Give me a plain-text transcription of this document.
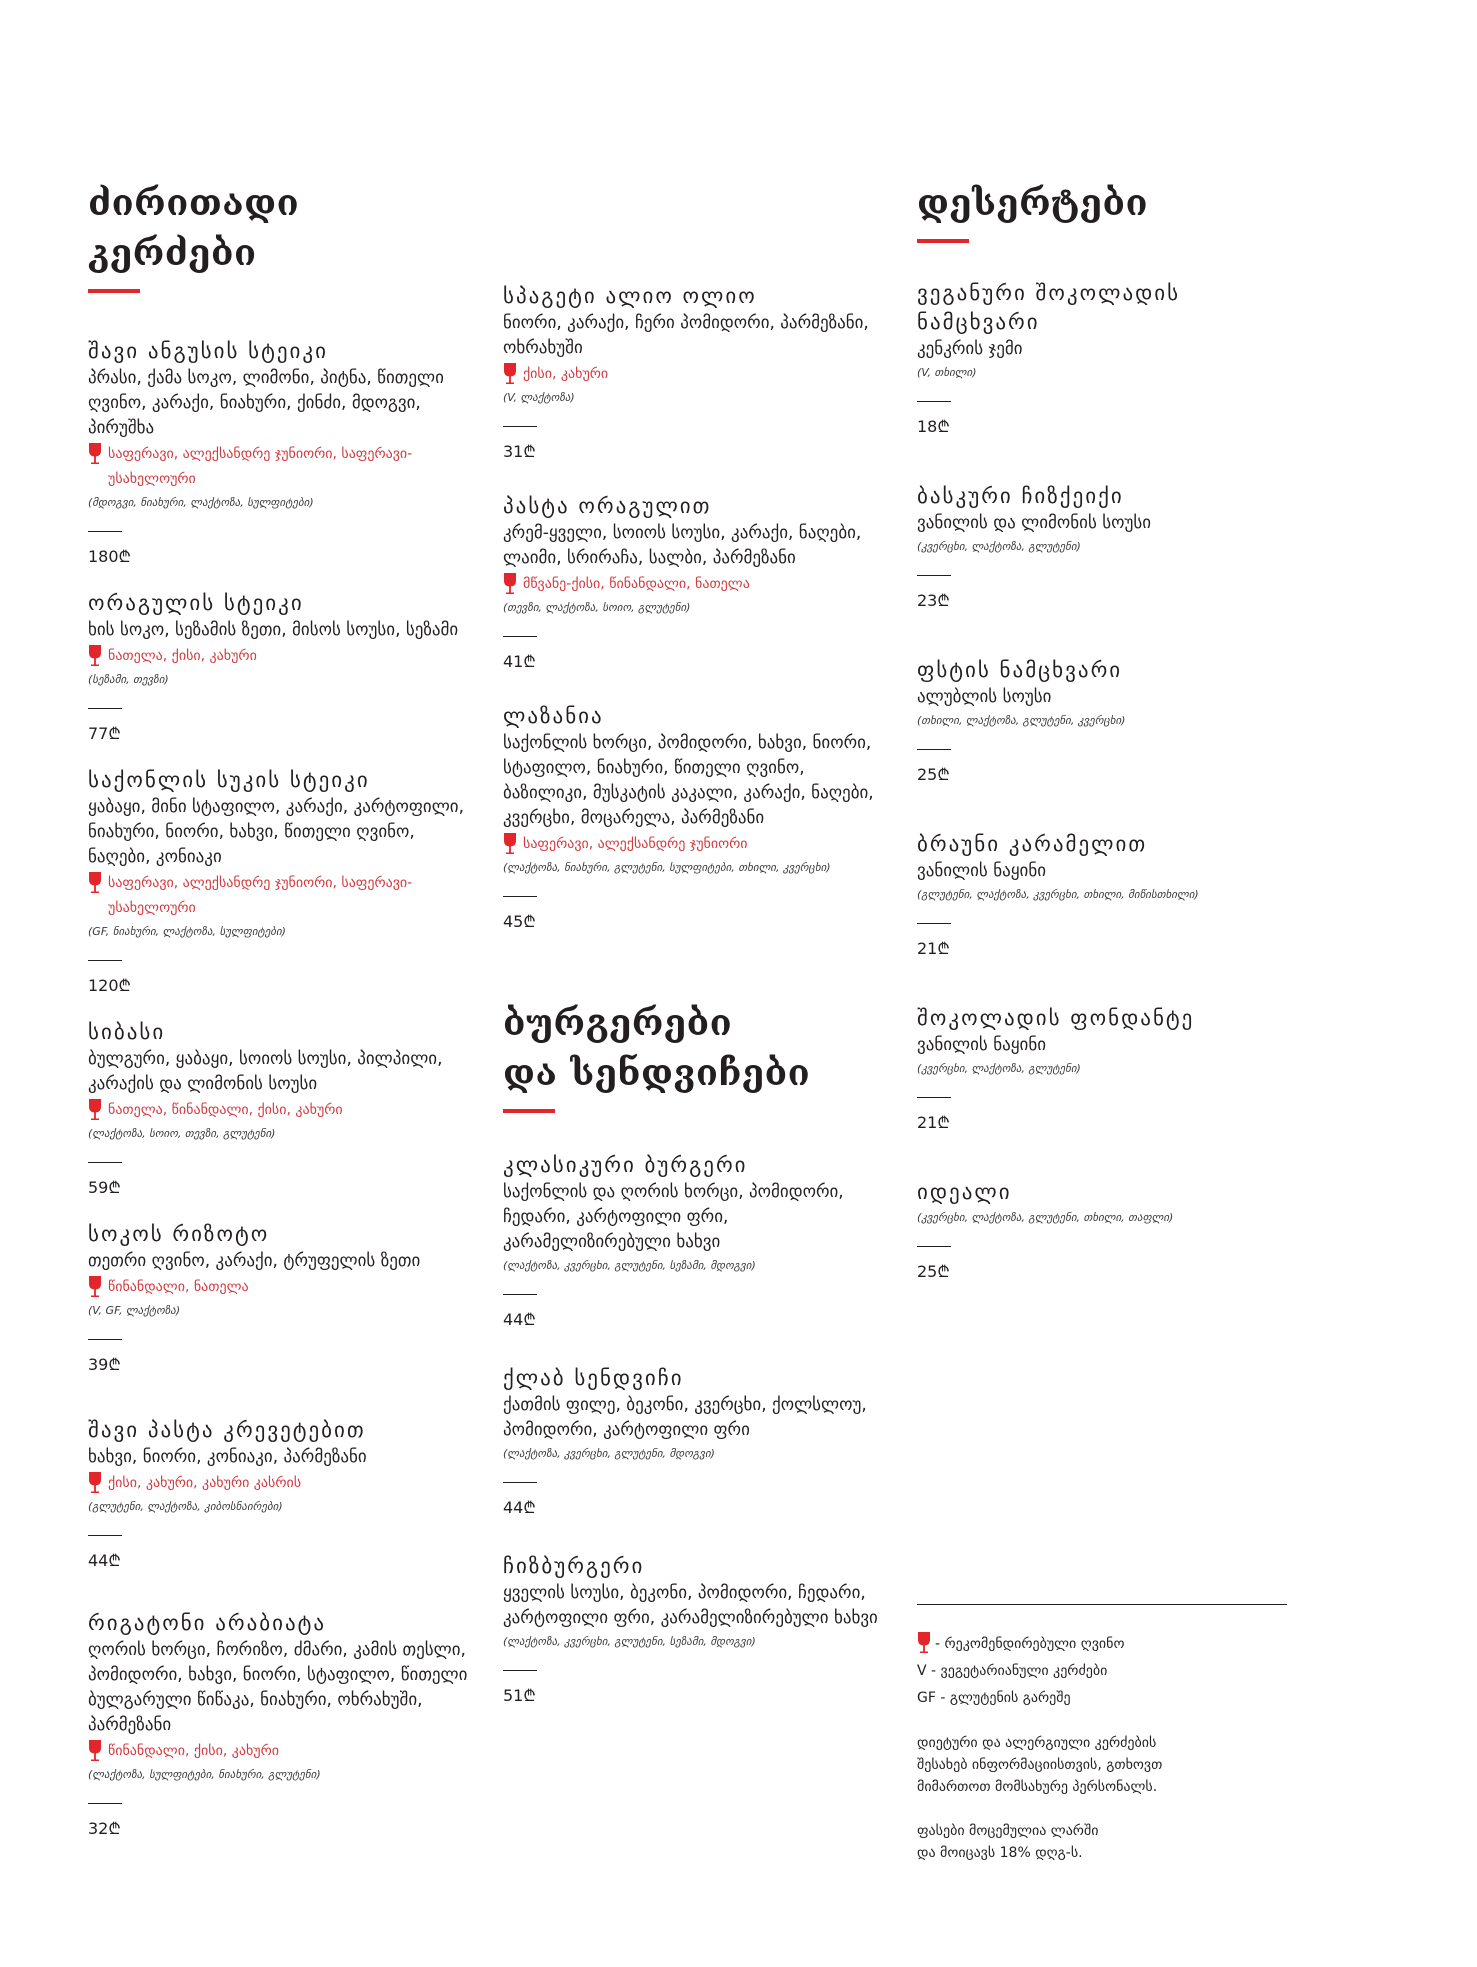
ძირითადი კერძები
შავი ანგუსის სტეიკი
პრასი, ქამა სოკო, ლიმონი, პიტნა, წითელი ღვინო, კარაქი, ნიახური, ქინძი, მდოგვი, პირუშხა
საფერავი, ალექსანდრე ჯუნიორი, საფერავი-უსახელოური
(მდოგვი, ნიახური, ლაქტოზა, სულფიტები)
180₾
ორაგულის სტეიკი
ხის სოკო, სეზამის ზეთი, მისოს სოუსი, სეზამი
ნათელა, ქისი, კახური
(სეზამი, თევზი)
77₾
საქონლის სუკის სტეიკი
ყაბაყი, მინი სტაფილო, კარაქი, კარტოფილი, ნიახური, ნიორი, ხახვი, წითელი ღვინო, ნაღები, კონიაკი
საფერავი, ალექსანდრე ჯუნიორი, საფერავი-უსახელოური
(GF, ნიახური, ლაქტოზა, სულფიტები)
120₾
სიბასი
ბულგური, ყაბაყი, სოიოს სოუსი, პილპილი, კარაქის და ლიმონის სოუსი
ნათელა, წინანდალი, ქისი, კახური
(ლაქტოზა, სოიო, თევზი, გლუტენი)
59₾
სოკოს რიზოტო
თეთრი ღვინო, კარაქი, ტრუფელის ზეთი
წინანდალი, ნათელა
(V, GF, ლაქტოზა)
39₾
შავი პასტა კრევეტებით
ხახვი, ნიორი, კონიაკი, პარმეზანი
ქისი, კახური, კახური კასრის
(გლუტენი, ლაქტოზა, კიბოსნაირები)
44₾
რიგატონი არაბიატა
ღორის ხორცი, ჩორიზო, ძმარი, კამის თესლი, პომიდორი, ხახვი, ნიორი, სტაფილო, წითელი ბულგარული წიწაკა, ნიახური, ოხრახუში, პარმეზანი
წინანდალი, ქისი, კახური
(ლაქტოზა, სულფიტები, ნიახური, გლუტენი)
32₾
სპაგეტი ალიო ოლიო
ნიორი, კარაქი, ჩერი პომიდორი, პარმეზანი, ოხრახუში
ქისი, კახური
(V, ლაქტოზა)
31₾
პასტა ორაგულით
კრემ-ყველი, სოიოს სოუსი, კარაქი, ნაღები, ლაიმი, სრირაჩა, სალბი, პარმეზანი
მწვანე-ქისი, წინანდალი, ნათელა
(თევზი, ლაქტოზა, სოიო, გლუტენი)
41₾
ლაზანია
საქონლის ხორცი, პომიდორი, ხახვი, ნიორი, სტაფილო, ნიახური, წითელი ღვინო, ბაზილიკი, მუსკატის კაკალი, კარაქი, ნაღები, კვერცხი, მოცარელა, პარმეზანი
საფერავი, ალექსანდრე ჯუნიორი
(ლაქტოზა, ნიახური, გლუტენი, სულფიტები, თხილი, კვერცხი)
45₾
ბურგერები
და სენდვიჩები
კლასიკური ბურგერი
საქონლის და ღორის ხორცი, პომიდორი, ჩედარი, კარტოფილი ფრი, კარამელიზირებული ხახვი
(ლაქტოზა, კვერცხი, გლუტენი, სეზამი, მდოგვი)
44₾
ქლაბ სენდვიჩი
ქათმის ფილე, ბეკონი, კვერცხი, ქოლსლოუ, პომიდორი, კარტოფილი ფრი
(ლაქტოზა, კვერცხი, გლუტენი, მდოგვი)
44₾
ჩიზბურგერი
ყველის სოუსი, ბეკონი, პომიდორი, ჩედარი, კარტოფილი ფრი, კარამელიზირებული ხახვი
(ლაქტოზა, კვერცხი, გლუტენი, სეზამი, მდოგვი)
51₾
დესერტები
ვეგანური შოკოლადის ნამცხვარი
კენკრის ჯემი
(V, თხილი)
18₾
ბასკური ჩიზქეიქი
ვანილის და ლიმონის სოუსი
(კვერცხი, ლაქტოზა, გლუტენი)
23₾
ფსტის ნამცხვარი
ალუბლის სოუსი
(თხილი, ლაქტოზა, გლუტენი, კვერცხი)
25₾
ბრაუნი კარამელით
ვანილის ნაყინი
(გლუტენი, ლაქტოზა, კვერცხი, თხილი, მიწისთხილი)
21₾
შოკოლადის ფონდანტე
ვანილის ნაყინი
(კვერცხი, ლაქტოზა, გლუტენი)
21₾
იდეალი
(კვერცხი, ლაქტოზა, გლუტენი, თხილი, თაფლი)
25₾
- რეკომენდირებული ღვინო
V - ვეგეტარიანული კერძები
GF - გლუტენის გარეშე
დიეტური და ალერგიული კერძების
შესახებ ინფორმაციისთვის, გთხოვთ
მიმართოთ მომსახურე პერსონალს.
ფასები მოცემულია ლარში
და მოიცავს 18% დღგ-ს.
